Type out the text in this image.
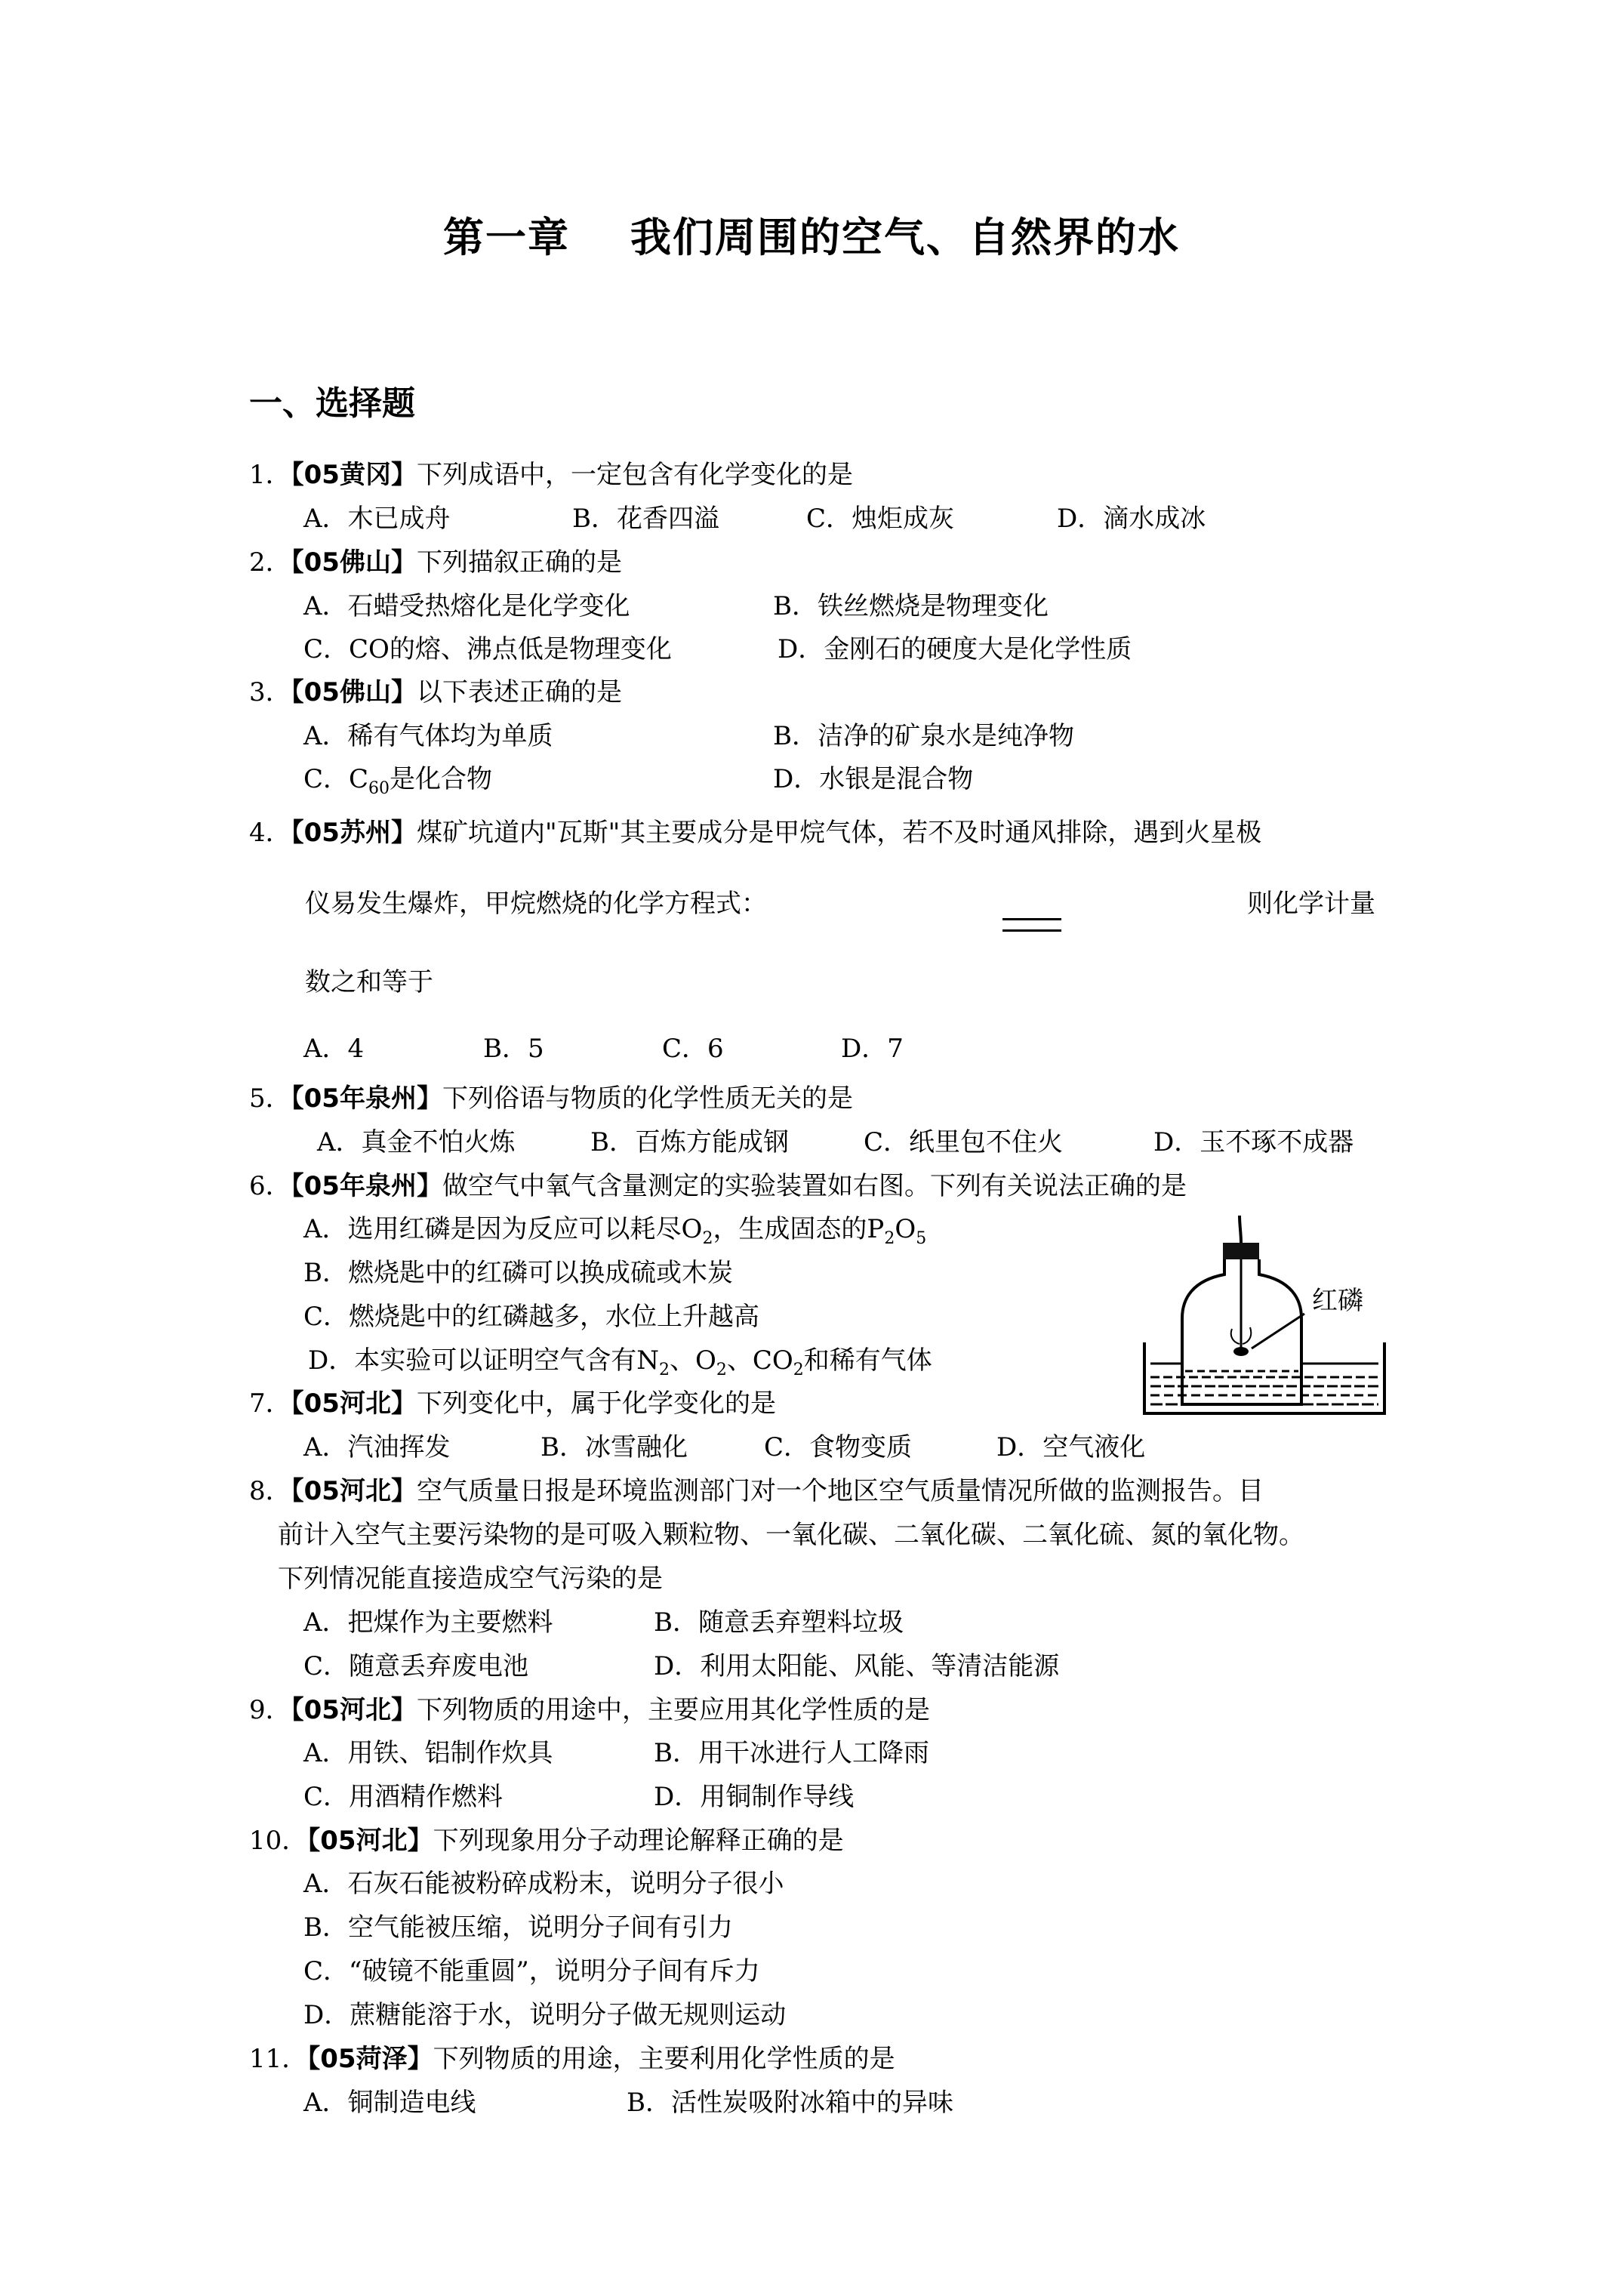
第一章 我们周围的空气、自然界的水
一、选择题
1．【05黄冈】下列成语中，一定包含有化学变化的是
A．木已成舟	B．花香四溢	C．烛炬成灰	D．滴水成冰
2．【05佛山】下列描叙正确的是
A．石蜡受热熔化是化学变化	B．铁丝燃烧是物理变化
C．CO的熔、沸点低是物理变化	D．金刚石的硬度大是化学性质
3．【05佛山】以下表述正确的是
A．稀有气体均为单质	B．洁净的矿泉水是纯净物
C．$C_{60}$是化合物	D．水银是混合物
4．【05苏州】煤矿坑道内"瓦斯"其主要成分是甲烷气体，若不及时通风排除，遇到火星极
仪易发生爆炸，甲烷燃烧的化学方程式：	则化学计量
数之和等于
A．4	B．5	C．6	D．7
5．【05年泉州】下列俗语与物质的化学性质无关的是
A．真金不怕火炼	B．百炼方能成钢	C．纸里包不住火	D．玉不琢不成器
6．【05年泉州】做空气中氧气含量测定的实验装置如右图。下列有关说法正确的是
A．选用红磷是因为反应可以耗尽$O_2$，生成固态的$P_2O_5$
B．燃烧匙中的红磷可以换成硫或木炭
C．燃烧匙中的红磷越多，水位上升越高
D．本实验可以证明空气含有$N_2$、$O_2$、$CO_2$和稀有气体
红磷
7．【05河北】下列变化中，属于化学变化的是
A．汽油挥发	B．冰雪融化	C．食物变质	D．空气液化
8．【05河北】空气质量日报是环境监测部门对一个地区空气质量情况所做的监测报告。目
前计入空气主要污染物的是可吸入颗粒物、一氧化碳、二氧化碳、二氧化硫、氮的氧化物。
下列情况能直接造成空气污染的是
A．把煤作为主要燃料	B．随意丢弃塑料垃圾
C．随意丢弃废电池	D．利用太阳能、风能、等清洁能源
9．【05河北】下列物质的用途中，主要应用其化学性质的是
A．用铁、铝制作炊具	B．用干冰进行人工降雨
C．用酒精作燃料	D．用铜制作导线
10．【05河北】下列现象用分子动理论解释正确的是
A．石灰石能被粉碎成粉末，说明分子很小
B．空气能被压缩，说明分子间有引力
C．“破镜不能重圆”，说明分子间有斥力
D．蔗糖能溶于水，说明分子做无规则运动
11．【05菏泽】下列物质的用途，主要利用化学性质的是
A．铜制造电线	B．活性炭吸附冰箱中的异味
